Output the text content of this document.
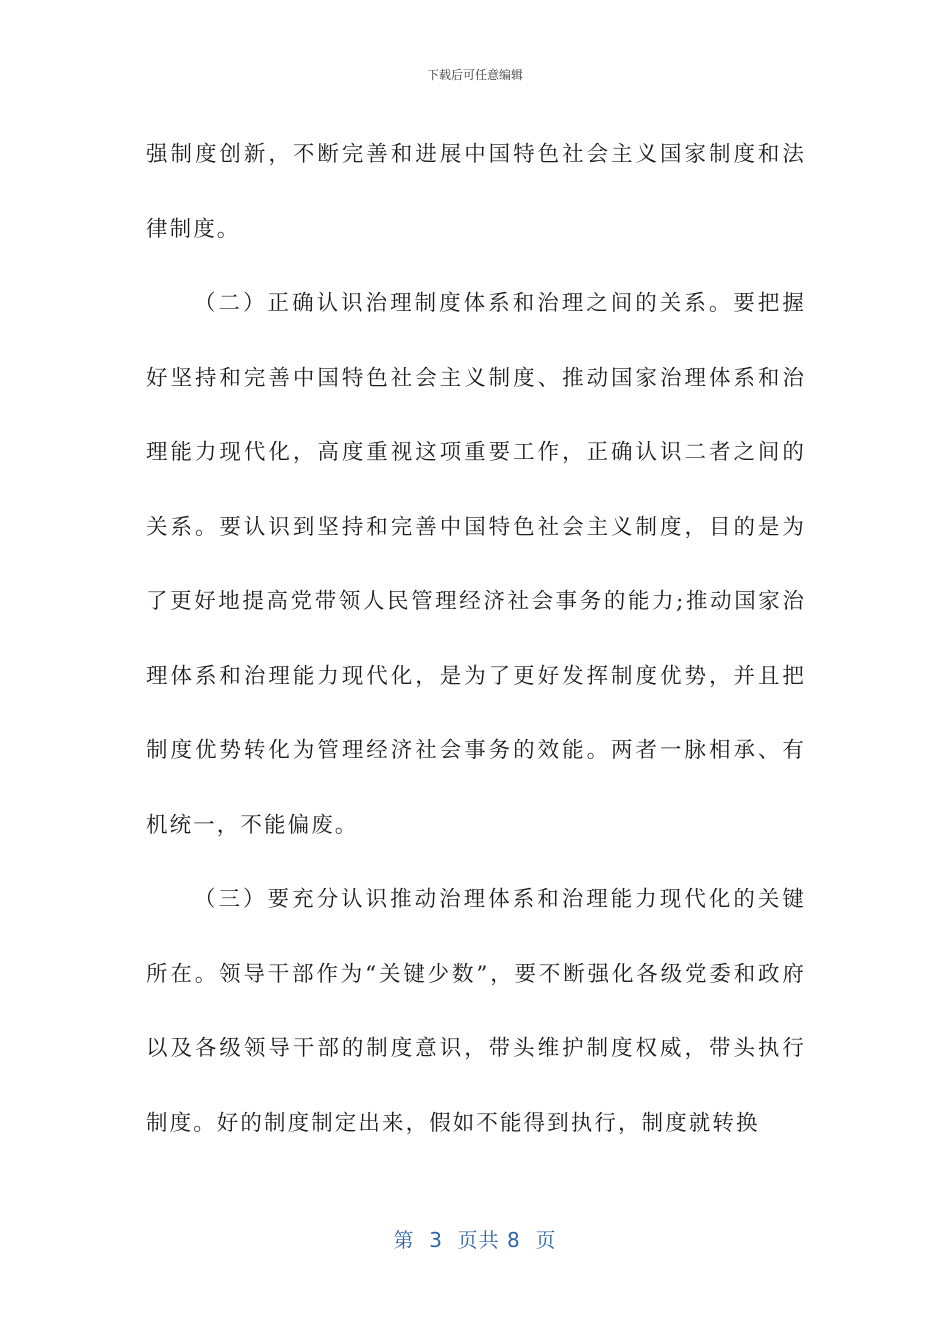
下载后可任意编辑

强制度创新，不断完善和进展中国特色社会主义国家制度和法律制度。

（二）正确认识治理制度体系和治理之间的关系。要把握好坚持和完善中国特色社会主义制度、推动国家治理体系和治理能力现代化，高度重视这项重要工作，正确认识二者之间的关系。要认识到坚持和完善中国特色社会主义制度，目的是为了更好地提高党带领人民管理经济社会事务的能力;推动国家治理体系和治理能力现代化，是为了更好发挥制度优势，并且把制度优势转化为管理经济社会事务的效能。两者一脉相承、有机统一，不能偏废。

（三）要充分认识推动治理体系和治理能力现代化的关键所在。领导干部作为“关键少数”，要不断强化各级党委和政府以及各级领导干部的制度意识，带头维护制度权威，带头执行制度。好的制度制定出来，假如不能得到执行，制度就转换

第  3  页共 8  页
